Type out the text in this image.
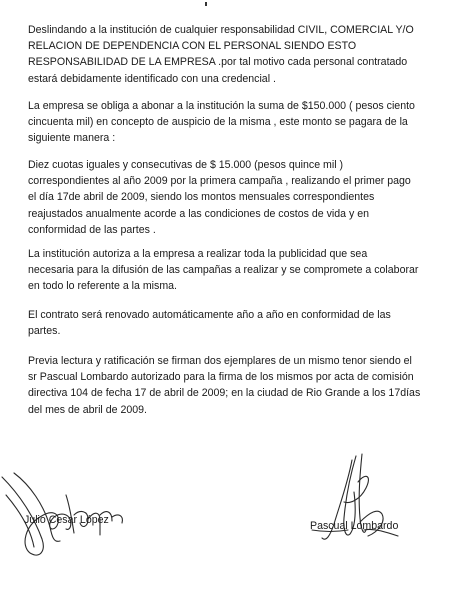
Deslindando a la institución de cualquier responsabilidad CIVIL, COMERCIAL Y/O
RELACION DE DEPENDENCIA CON EL PERSONAL SIENDO ESTO
RESPONSABILIDAD DE LA EMPRESA .por tal motivo cada personal contratado
estará debidamente identificado con una credencial .
La empresa se obliga a abonar a la institución la suma de $150.000 ( pesos ciento
cincuenta mil) en concepto de auspicio de la misma , este monto se pagara de la
siguiente manera :
Diez cuotas iguales y consecutivas de $ 15.000 (pesos quince mil )
correspondientes al año 2009 por la primera campaña , realizando el primer pago
el día 17de abril de 2009, siendo los montos mensuales correspondientes
reajustados anualmente acorde a las condiciones de costos de vida y en
conformidad de las partes .
La institución autoriza a la empresa a realizar toda la publicidad que sea
necesaria para la difusión de las campañas a realizar y se compromete a colaborar
en todo lo referente a la misma.
El contrato será renovado automáticamente año a año en conformidad de las
partes.
Previa lectura y ratificación se firman dos ejemplares de un mismo tenor siendo el
sr Pascual Lombardo autorizado para la firma de los mismos por acta de comisión
directiva 104 de fecha 17 de abril de 2009; en la ciudad de Rio Grande a los 17días
del mes de abril de 2009.
Julio Cesar López	Pascual Lombardo
